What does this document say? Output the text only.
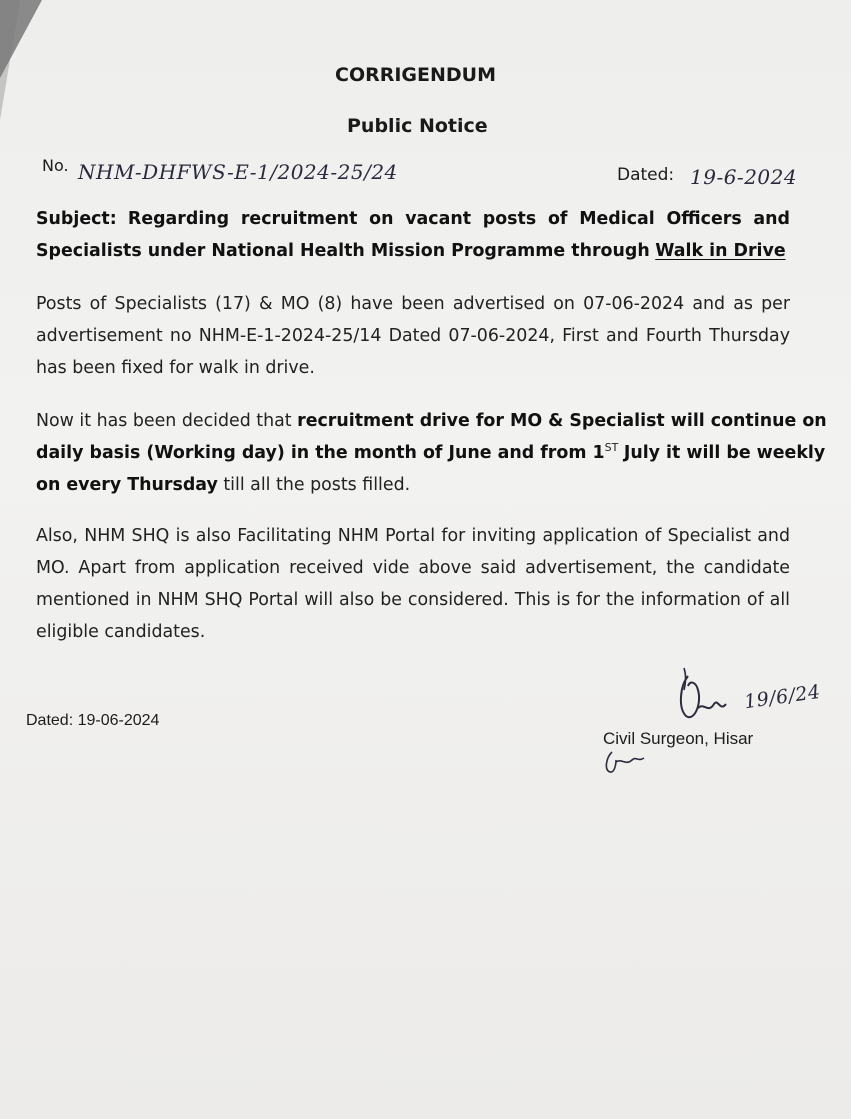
CORRIGENDUM
Public Notice
No. NHM-DHFWS-E-1/2024-25/24	Dated: 19-6-2024
Subject: Regarding recruitment on vacant posts of Medical Officers and
Specialists under National Health Mission Programme through Walk in Drive
Posts of Specialists (17) & MO (8) have been advertised on 07-06-2024 and as per
advertisement no NHM-E-1-2024-25/14 Dated 07-06-2024, First and Fourth Thursday
has been fixed for walk in drive.
Now it has been decided that recruitment drive for MO & Specialist will continue on
daily basis (Working day) in the month of June and from 1ST July it will be weekly
on every Thursday till all the posts filled.
Also, NHM SHQ is also Facilitating NHM Portal for inviting application of Specialist and
MO. Apart from application received vide above said advertisement, the candidate
mentioned in NHM SHQ Portal will also be considered. This is for the information of all
eligible candidates.
Dated: 19-06-2024
19/6/24
Civil Surgeon, Hisar
